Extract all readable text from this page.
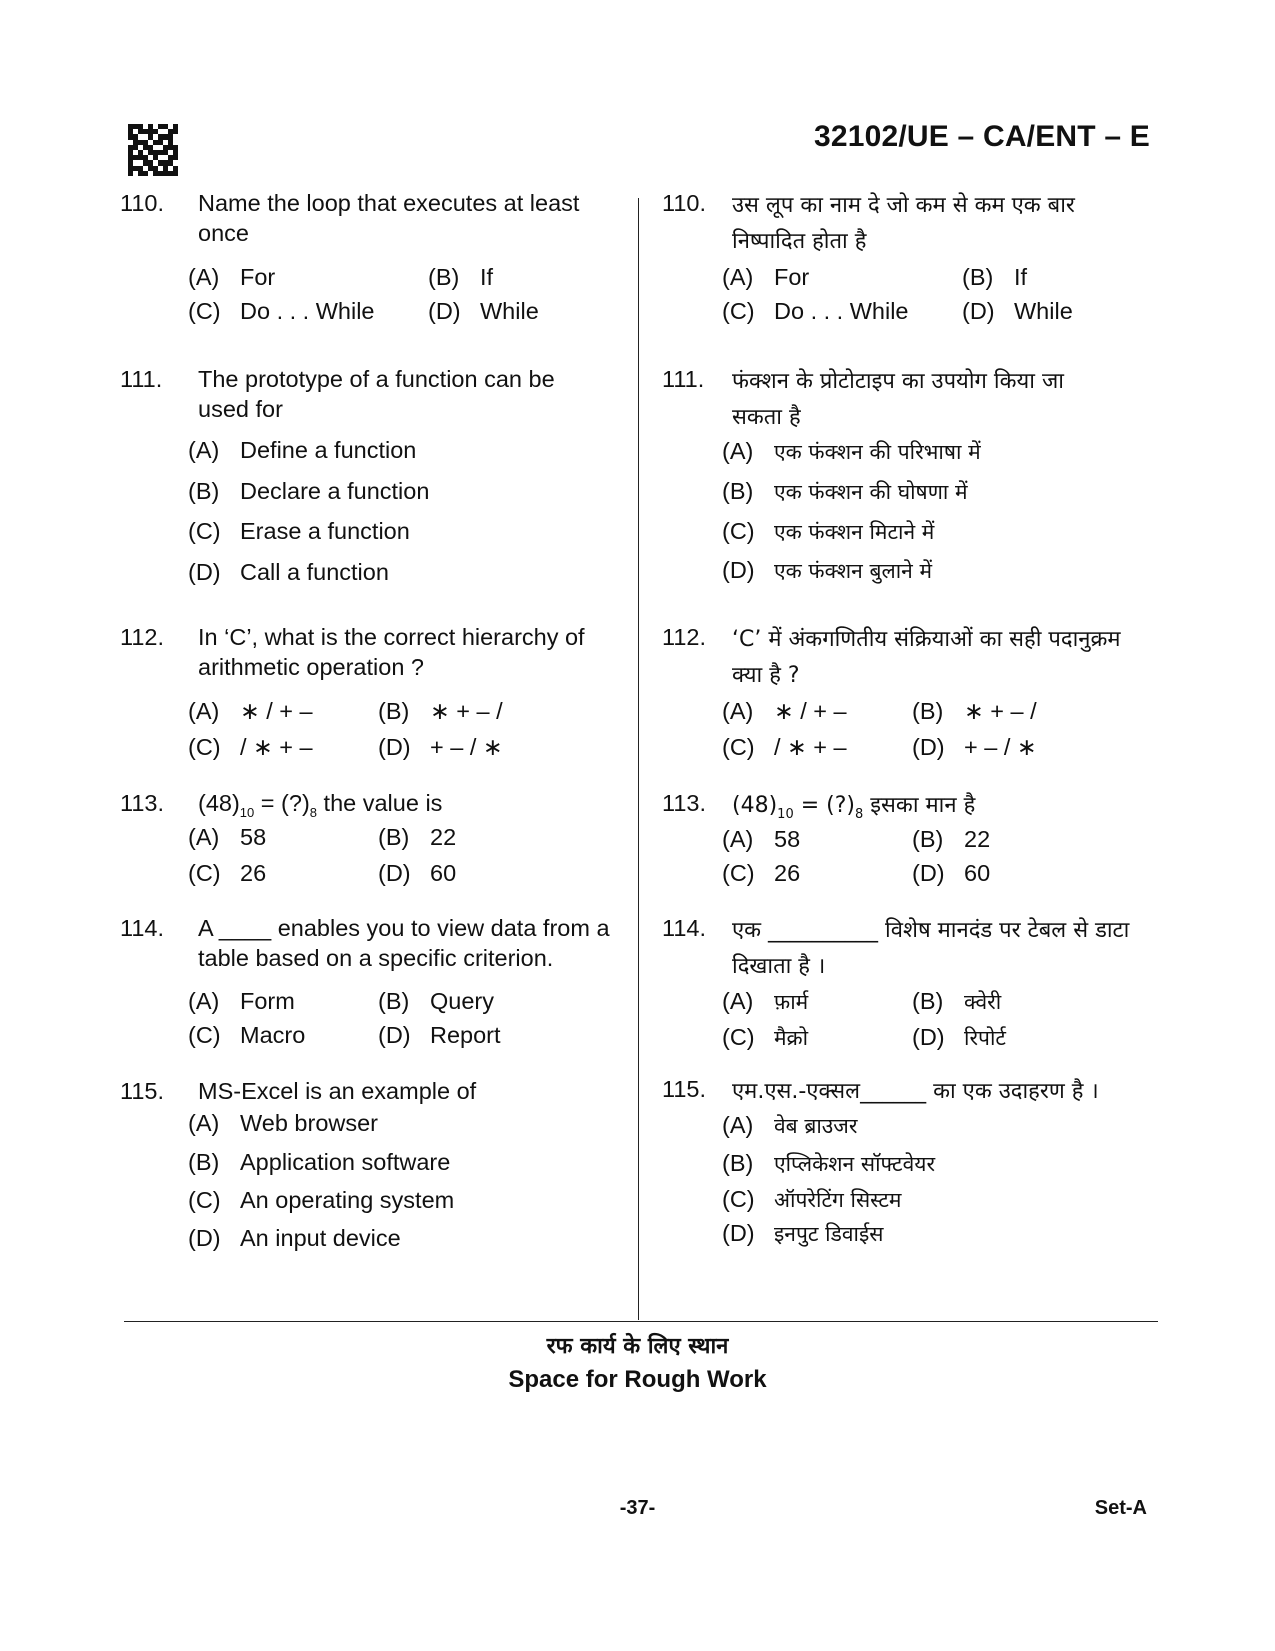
32102/UE – CA/ENT – E
110. Name the loop that executes at least once
(A) For	(B) If
(C) Do . . . While (D) While
111. The prototype of a function can be used for
(A) Define a function
(B) Declare a function
(C) Erase a function
(D) Call a function
112. In ‘C’, what is the correct hierarchy of arithmetic operation ?
(A) ∗ / + –	(B) ∗ + – /
(C) / ∗ + –	(D) + – / ∗
113. $(48)_{10}$ = $(?)_8$ the value is
(A) 58	(B) 22
(C) 26	(D) 60
114. A ____ enables you to view data from a table based on a specific criterion.
(A) Form	(B) Query
(C) Macro	(D) Report
115. MS-Excel is an example of
(A) Web browser
(B) Application software
(C) An operating system
(D) An input device
110. उस लूप का नाम दे जो कम से कम एक बार निष्पादित होता है
(A) For	(B) If
(C) Do . . . While (D) While
111. फंक्शन के प्रोटोटाइप का उपयोग किया जा सकता है
(A) एक फंक्शन की परिभाषा में
(B) एक फंक्शन की घोषणा में
(C) एक फंक्शन मिटाने में
(D) एक फंक्शन बुलाने में
112. ‘C’ में अंकगणितीय संक्रियाओं का सही पदानुक्रम क्या है ?
(A) ∗ / + –	(B) ∗ + – /
(C) / ∗ + –	(D) + – / ∗
113. $(48)_{10}$ = $(?)_8$ इसका मान है
(A) 58	(B) 22
(C) 26	(D) 60
114. एक __________ विशेष मानदंड पर टेबल से डाटा दिखाता है ।
(A) फ़ार्म	(B) क्वेरी
(C) मैक्रो	(D) रिपोर्ट
115. एम.एस.-एक्सल______ का एक उदाहरण है ।
(A) वेब ब्राउजर
(B) एप्लिकेशन सॉफ्टवेयर
(C) ऑपरेटिंग सिस्टम
(D) इनपुट डिवाईस
रफ कार्य के लिए स्थान
Space for Rough Work
-37-	Set-A
